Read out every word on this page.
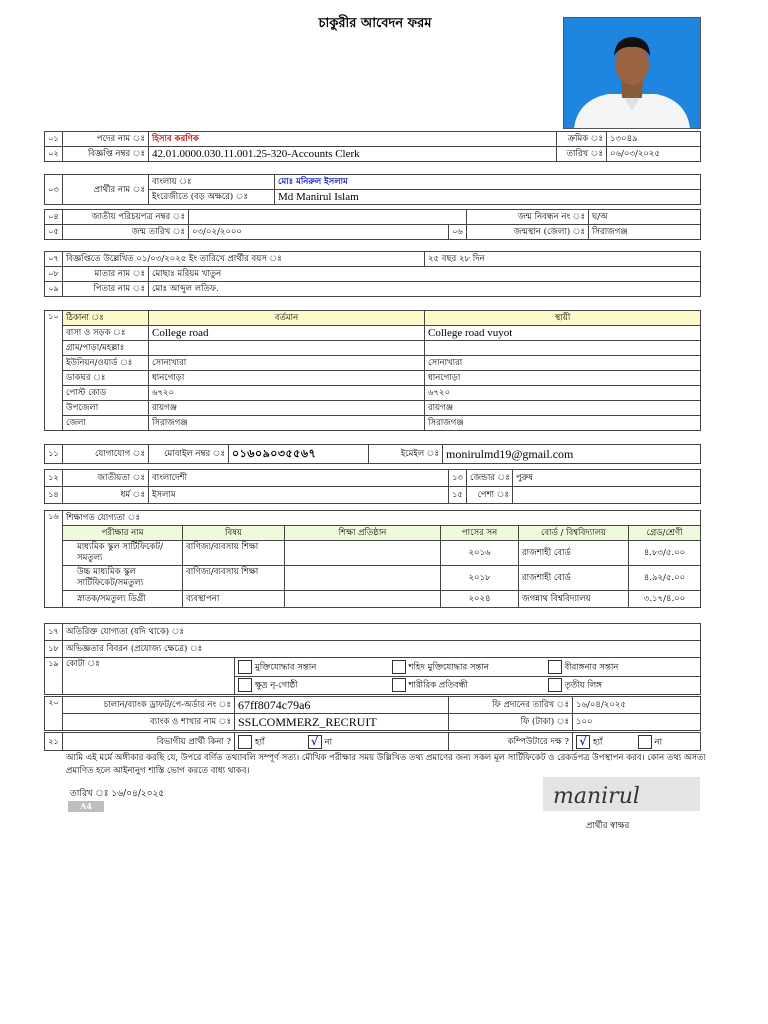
চাকুরীর আবেদন ফরম
০১	পদের নাম ঃ	হিসাব করণিক	ক্রমিক ঃ	১৩০৪৯
০২	বিজ্ঞপ্তি নম্বর ঃ	42.01.0000.030.11.001.25-320-Accounts Clerk	তারিখ ঃ	০৬/০৩/২০২৫
০৩	প্রার্থীর নাম ঃ	বাংলায় ঃ	মোঃ মনিরুল ইসলাম
		ইংরেজীতে (বড় অক্ষরে) ঃ	Md Manirul Islam
০৪	জাতীয় পরিচয়পত্র নম্বর ঃ			জন্ম নিবন্ধন নং ঃ	ঘ/অ
০৫	জন্ম তারিখ ঃ	০৩/০২/২০০০	০৬	জন্মস্থান (জেলা) ঃ	সিরাজগঞ্জ
০৭	বিজ্ঞপ্তিতে উল্লেখিত ০১/০৩/২০২৫ ইং তারিখে প্রার্থীর বয়স ঃ		২৫ বছর ২৮ দিন
০৮	মাতার নাম ঃ	মোছাঃ মরিয়ম খাতুন	
০৯	পিতার নাম ঃ	মোঃ আব্দুল লতিফ.	
১০	ঠিকানা ঃ	বর্তমান	স্থায়ী
	বাসা ও সড়ক ঃ	College road	College road vuyot
	গ্রাম/পাড়া/মহল্লাঃ		
	ইউনিয়ন/ওয়ার্ড ঃ	সোনাখারা	সোনাখারা
	ডাকঘর ঃ	ধানগোড়া	ধানগোড়া
	পোস্ট কোড	৬৭২০	৬৭২০
	উপজেলা	রায়গঞ্জ	রায়গঞ্জ
	জেলা	সিরাজগঞ্জ	সিরাজগঞ্জ
১১	যোগাযোগ ঃ	মোবাইল নম্বর ঃ	০১৬০৯০৩৫৫৬৭	ইমেইল ঃ	monirulmd19@gmail.com
১২	জাতীয়তা ঃ	বাংলাদেশী	১৩	জেন্ডার ঃ	পুরুষ
১৪	ধর্ম ঃ	ইসলাম	১৫	পেশা ঃ	
১৬	শিক্ষাগত যোগ্যতা ঃ					
	পরীক্ষার নাম	বিষয়	শিক্ষা প্রতিষ্ঠান	পাসের সন	বোর্ড / বিশ্ববিদ্যালয়	গ্রেড/শ্রেণী
	মাধ্যমিক স্কুল সার্টিফিকেট/সমতুল্য	বাণিজ্য/ব্যবসায় শিক্ষা		২০১৬	রাজশাহী বোর্ড	৪.৮৩/৫.০০
	উচ্চ মাধ্যমিক স্কুল সার্টিফিকেট/সমতুল্য	বাণিজ্য/ব্যবসায় শিক্ষা		২০১৮	রাজশাহী বোর্ড	৪.৯২/৫.০০
	স্নাতক/সমতুল্য ডিগ্রী	ব্যবস্থাপনা		২০২৪	জগন্নাথ বিশ্ববিদ্যালয়	৩.১৭/৪.০০
১৭	অতিরিক্ত যোগ্যতা (যদি থাকে) ঃ
১৮	অভিজ্ঞতার বিবরন (প্রযোজ্য ক্ষেত্রে) ঃ
১৯	কোটা ঃ	মুক্তিযোদ্ধার সন্তান	শহিদ মুক্তিযোদ্ধার সন্তান	বীরাঙ্গনার সন্তান
		ক্ষুদ্র নৃ-গোষ্ঠী	শারীরিক প্রতিবন্ধী	তৃতীয় লিঙ্গ
২০	চালান/ব্যাংক ড্রাফট/পে-অর্ডার নং ঃ	67ff8074c79a6	ফি প্রদানের তারিখ ঃ	১৬/০৪/২০২৫
	ব্যাংক ও শাখার নাম ঃ	SSLCOMMERZ_RECRUIT	ফি (টাকা) ঃ	১০০
২১	বিভাগীয় প্রার্থী কিনা ?	হ্যাঁ	√ না	কম্পিউটারে দক্ষ ?	√ হ্যাঁ	না
আমি এই মর্মে অঙ্গীকার করছি যে, উপরে বর্ণিত তথ্যাবলি সম্পূর্ণ সত্য। মৌখিক পরীক্ষার সময় উল্লিখিত তথ্য প্রমাণের জন্য সকল মূল সার্টিফিকেট ও রেকর্ডপত্র উপস্থাপন করব। কোন তথ্য অসত্য প্রমাণিত হলে আইনানুগ শাস্তি ভোগ করতে বাধ্য থাকব।
তারিখ ঃ ১৬/০৪/২০২৫
A4	manirul
প্রার্থীর স্বাক্ষর
